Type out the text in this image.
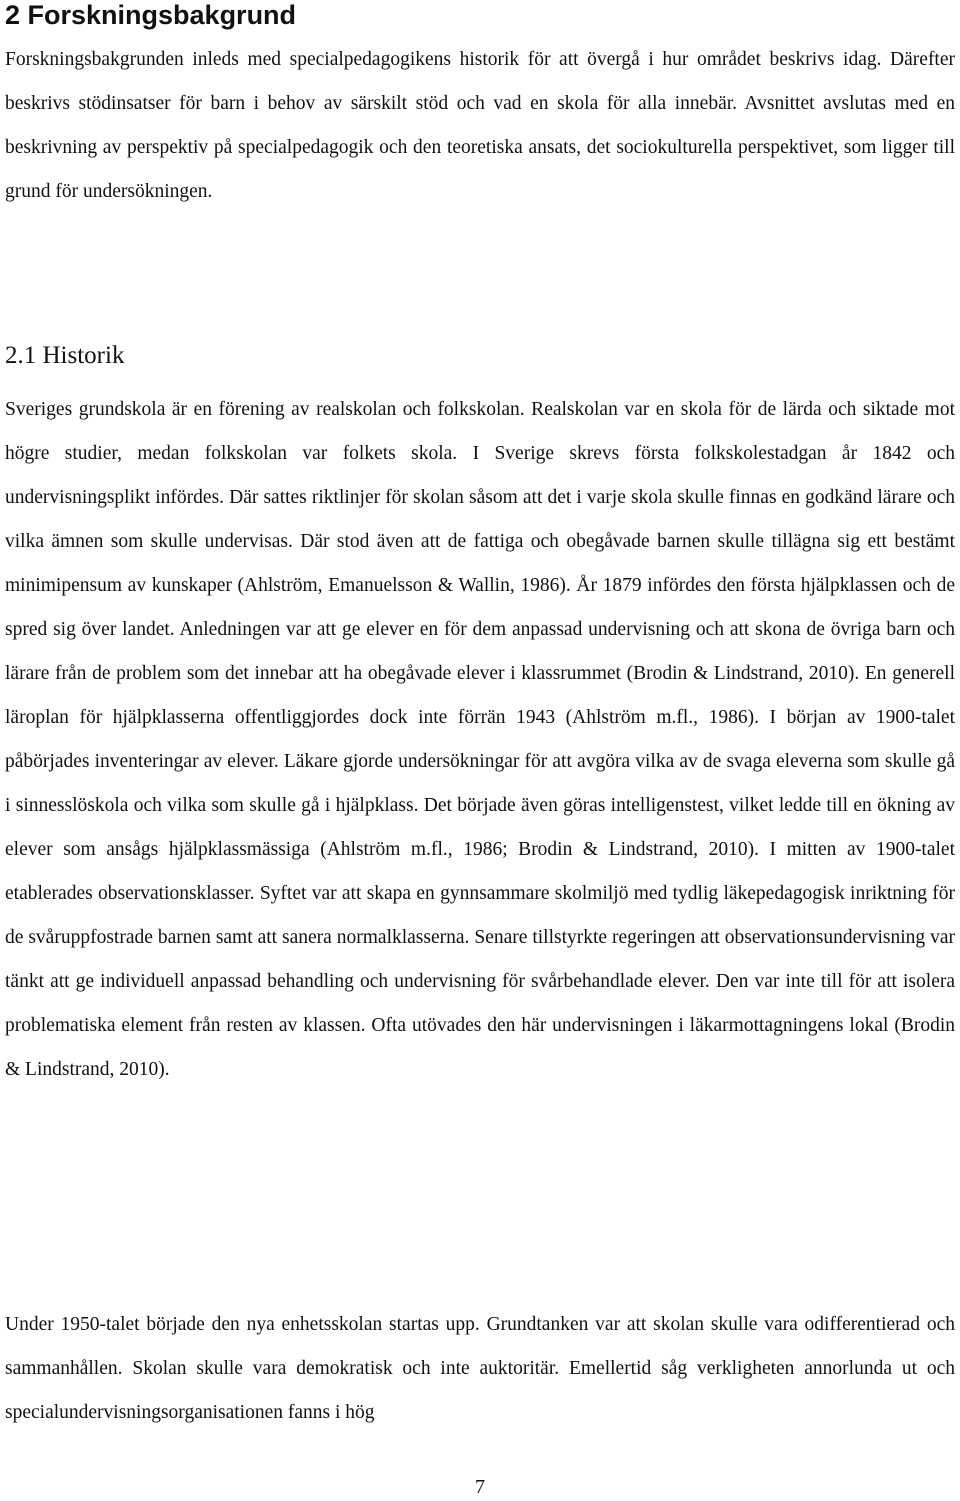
2 Forskningsbakgrund

Forskningsbakgrunden inleds med specialpedagogikens historik för att övergå i hur området beskrivs idag. Därefter beskrivs stödinsatser för barn i behov av särskilt stöd och vad en skola för alla innebär. Avsnittet avslutas med en beskrivning av perspektiv på specialpedagogik och den teoretiska ansats, det sociokulturella perspektivet, som ligger till grund för undersökningen.

2.1 Historik

Sveriges grundskola är en förening av realskolan och folkskolan. Realskolan var en skola för de lärda och siktade mot högre studier, medan folkskolan var folkets skola. I Sverige skrevs första folkskolestadgan år 1842 och undervisningsplikt infördes. Där sattes riktlinjer för skolan såsom att det i varje skola skulle finnas en godkänd lärare och vilka ämnen som skulle undervisas. Där stod även att de fattiga och obegåvade barnen skulle tillägna sig ett bestämt minimipensum av kunskaper (Ahlström, Emanuelsson & Wallin, 1986). År 1879 infördes den första hjälpklassen och de spred sig över landet. Anledningen var att ge elever en för dem anpassad undervisning och att skona de övriga barn och lärare från de problem som det innebar att ha obegåvade elever i klassrummet (Brodin & Lindstrand, 2010). En generell läroplan för hjälpklasserna offentliggjordes dock inte förrän 1943 (Ahlström m.fl., 1986). I början av 1900-talet påbörjades inventeringar av elever. Läkare gjorde undersökningar för att avgöra vilka av de svaga eleverna som skulle gå i sinnesslöskola och vilka som skulle gå i hjälpklass. Det började även göras intelligenstest, vilket ledde till en ökning av elever som ansågs hjälpklassmässiga (Ahlström m.fl., 1986; Brodin & Lindstrand, 2010). I mitten av 1900-talet etablerades observationsklasser. Syftet var att skapa en gynnsammare skolmiljö med tydlig läkepedagogisk inriktning för de svåruppfostrade barnen samt att sanera normalklasserna. Senare tillstyrkte regeringen att observationsundervisning var tänkt att ge individuell anpassad behandling och undervisning för svårbehandlade elever. Den var inte till för att isolera problematiska element från resten av klassen. Ofta utövades den här undervisningen i läkarmottagningens lokal (Brodin & Lindstrand, 2010).

Under 1950-talet började den nya enhetsskolan startas upp. Grundtanken var att skolan skulle vara odifferentierad och sammanhållen. Skolan skulle vara demokratisk och inte auktoritär. Emellertid såg verkligheten annorlunda ut och specialundervisningsorganisationen fanns i hög

7
